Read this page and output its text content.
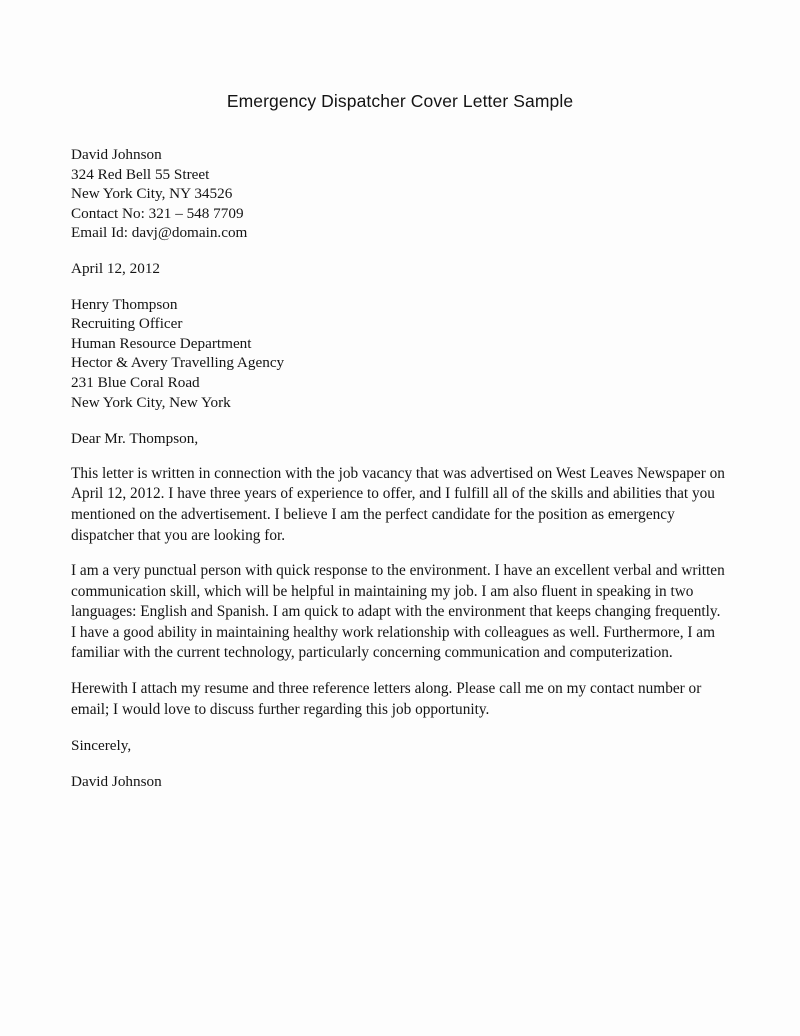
Emergency Dispatcher Cover Letter Sample
David Johnson
324 Red Bell 55 Street
New York City, NY 34526
Contact No: 321 – 548 7709
Email Id: davj@domain.com
April 12, 2012
Henry Thompson
Recruiting Officer
Human Resource Department
Hector & Avery Travelling Agency
231 Blue Coral Road
New York City, New York
Dear Mr. Thompson,
This letter is written in connection with the job vacancy that was advertised on West Leaves Newspaper on April 12, 2012. I have three years of experience to offer, and I fulfill all of the skills and abilities that you mentioned on the advertisement. I believe I am the perfect candidate for the position as emergency dispatcher that you are looking for.
I am a very punctual person with quick response to the environment. I have an excellent verbal and written communication skill, which will be helpful in maintaining my job. I am also fluent in speaking in two languages: English and Spanish. I am quick to adapt with the environment that keeps changing frequently. I have a good ability in maintaining healthy work relationship with colleagues as well. Furthermore, I am familiar with the current technology, particularly concerning communication and computerization.
Herewith I attach my resume and three reference letters along. Please call me on my contact number or email; I would love to discuss further regarding this job opportunity.
Sincerely,
David Johnson
